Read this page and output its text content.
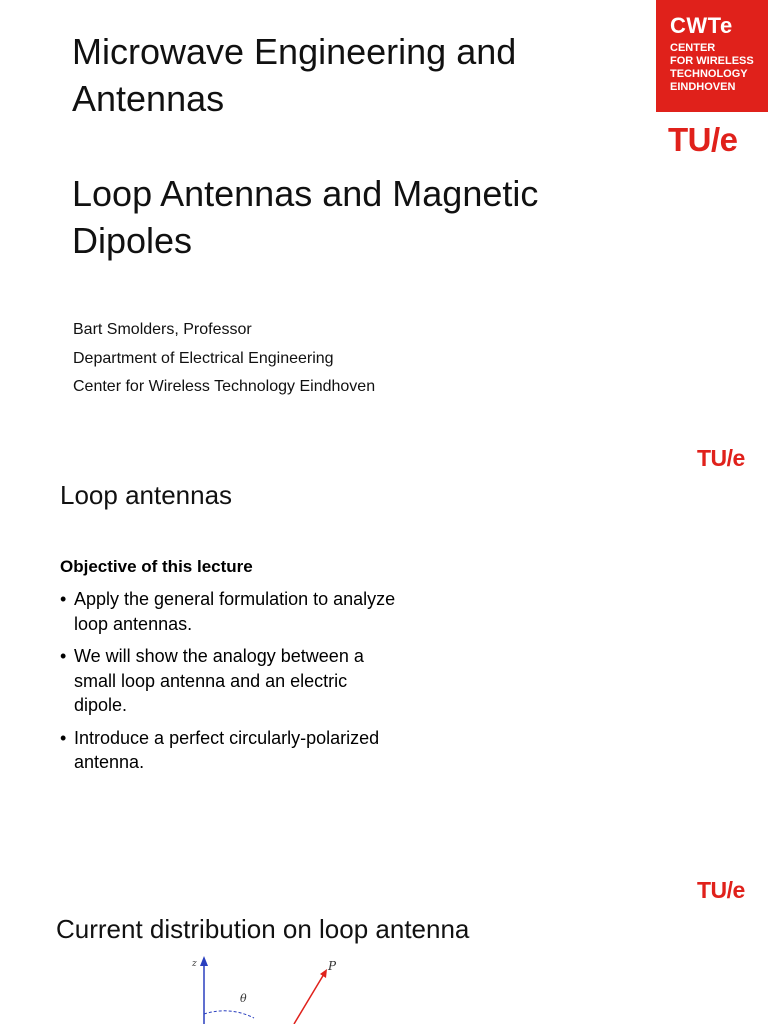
CWTe
CENTER
FOR WIRELESS
TECHNOLOGY
EINDHOVEN
TU/e
Microwave Engineering and Antennas
Loop Antennas and Magnetic Dipoles
Bart Smolders, Professor
Department of Electrical Engineering
Center for Wireless Technology Eindhoven
TU/e
Loop antennas
Objective of this lecture
• Apply the general formulation to analyze loop antennas.
• We will show the analogy between a small loop antenna and an electric dipole.
• Introduce a perfect circularly-polarized antenna.
TU/e
Current distribution on loop antenna
z
θ
P
